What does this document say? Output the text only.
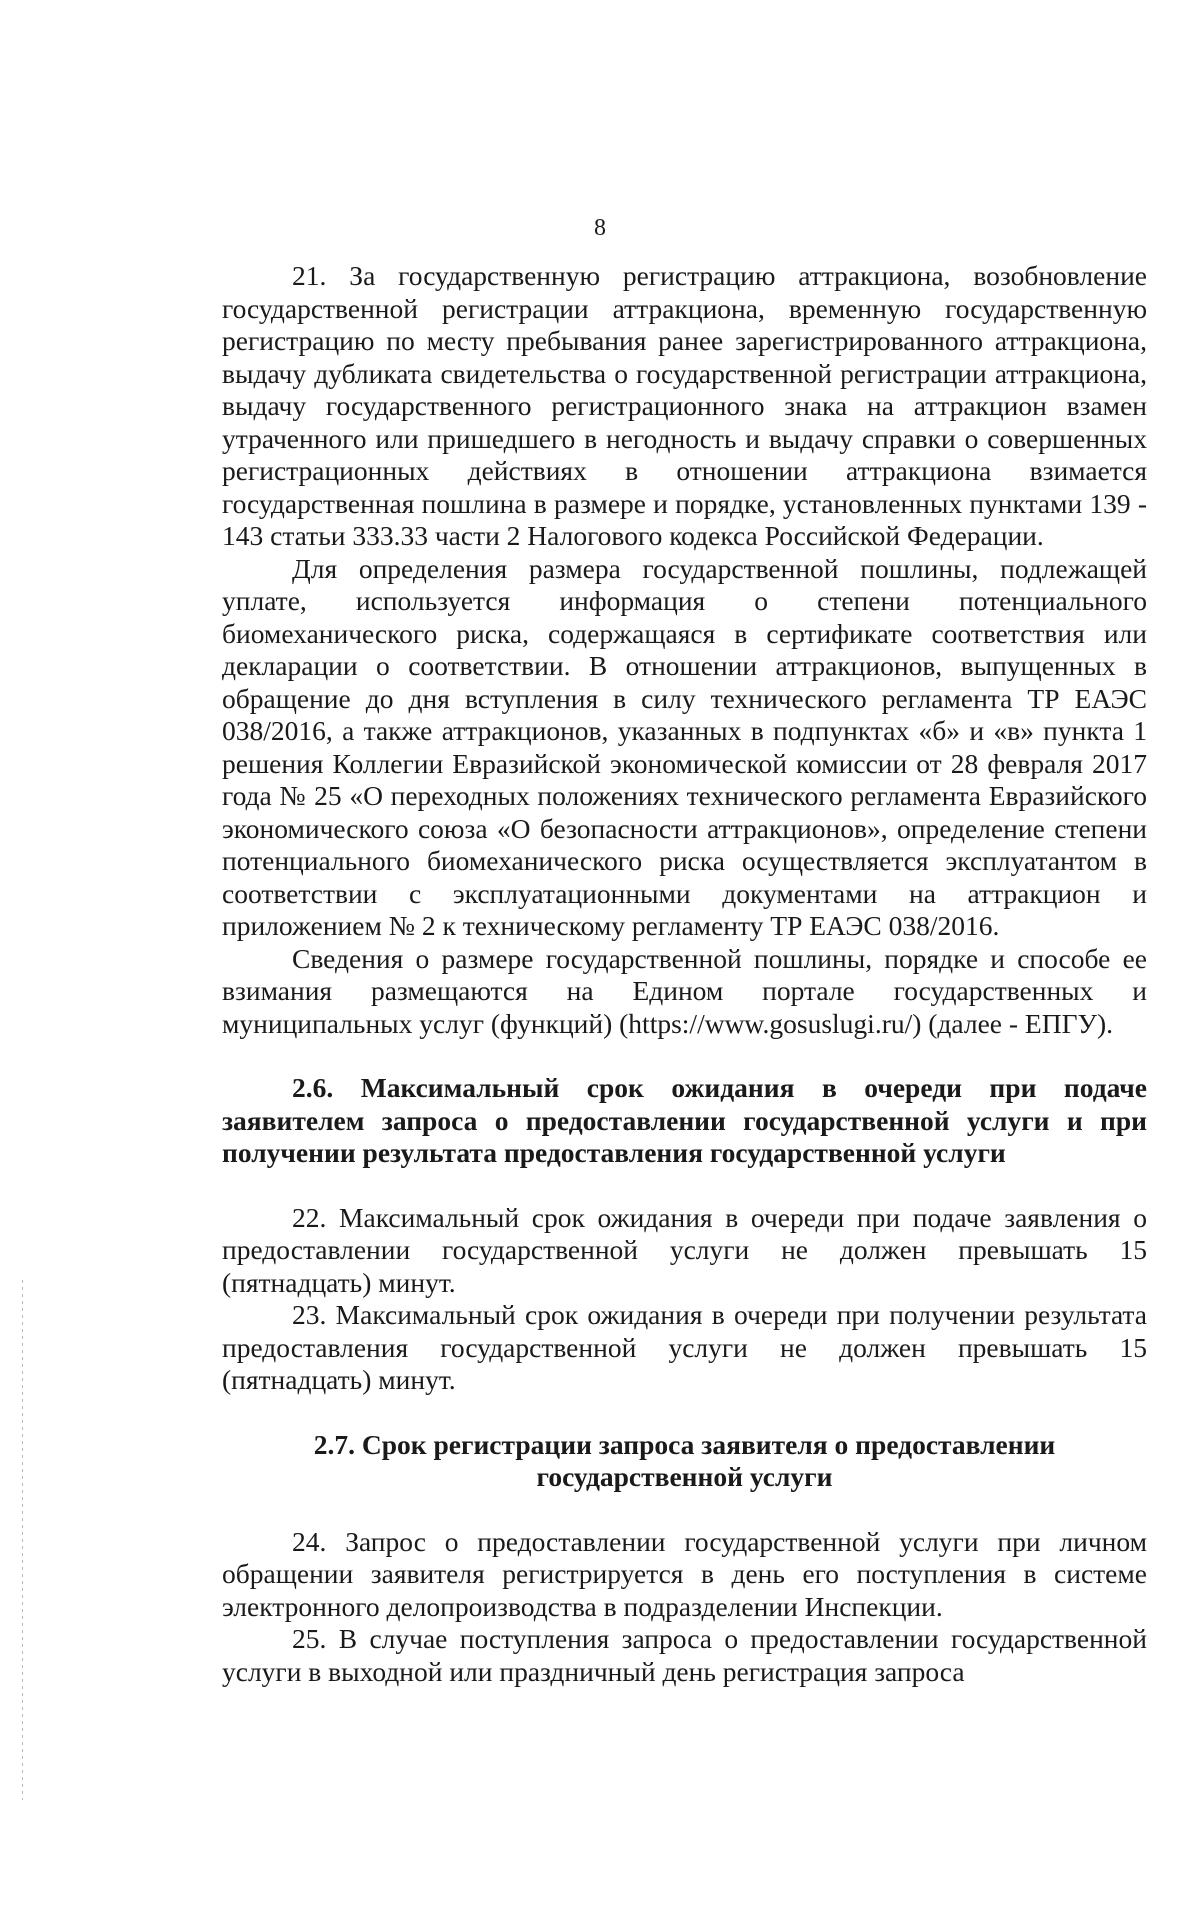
8

21. За государственную регистрацию аттракциона, возобновление государственной регистрации аттракциона, временную государственную регистрацию по месту пребывания ранее зарегистрированного аттракциона, выдачу дубликата свидетельства о государственной регистрации аттракциона, выдачу государственного регистрационного знака на аттракцион взамен утраченного или пришедшего в негодность и выдачу справки о совершенных регистрационных действиях в отношении аттракциона взимается государственная пошлина в размере и порядке, установленных пунктами 139 - 143 статьи 333.33 части 2 Налогового кодекса Российской Федерации.

Для определения размера государственной пошлины, подлежащей уплате, используется информация о степени потенциального биомеханического риска, содержащаяся в сертификате соответствия или декларации о соответствии. В отношении аттракционов, выпущенных в обращение до дня вступления в силу технического регламента ТР ЕАЭС 038/2016, а также аттракционов, указанных в подпунктах «б» и «в» пункта 1 решения Коллегии Евразийской экономической комиссии от 28 февраля 2017 года № 25 «О переходных положениях технического регламента Евразийского экономического союза «О безопасности аттракционов», определение степени потенциального биомеханического риска осуществляется эксплуатантом в соответствии с эксплуатационными документами на аттракцион и приложением № 2 к техническому регламенту ТР ЕАЭС 038/2016.

Сведения о размере государственной пошлины, порядке и способе ее взимания размещаются на Едином портале государственных и муниципальных услуг (функций) (https://www.gosuslugi.ru/) (далее - ЕПГУ).

2.6. Максимальный срок ожидания в очереди при подаче заявителем запроса о предоставлении государственной услуги и при получении результата предоставления государственной услуги

22. Максимальный срок ожидания в очереди при подаче заявления о предоставлении государственной услуги не должен превышать 15 (пятнадцать) минут.

23. Максимальный срок ожидания в очереди при получении результата предоставления государственной услуги не должен превышать 15 (пятнадцать) минут.

2.7. Срок регистрации запроса заявителя о предоставлении

государственной услуги

24. Запрос о предоставлении государственной услуги при личном обращении заявителя регистрируется в день его поступления в системе электронного делопроизводства в подразделении Инспекции.

25. В случае поступления запроса о предоставлении государственной услуги в выходной или праздничный день регистрация запроса
